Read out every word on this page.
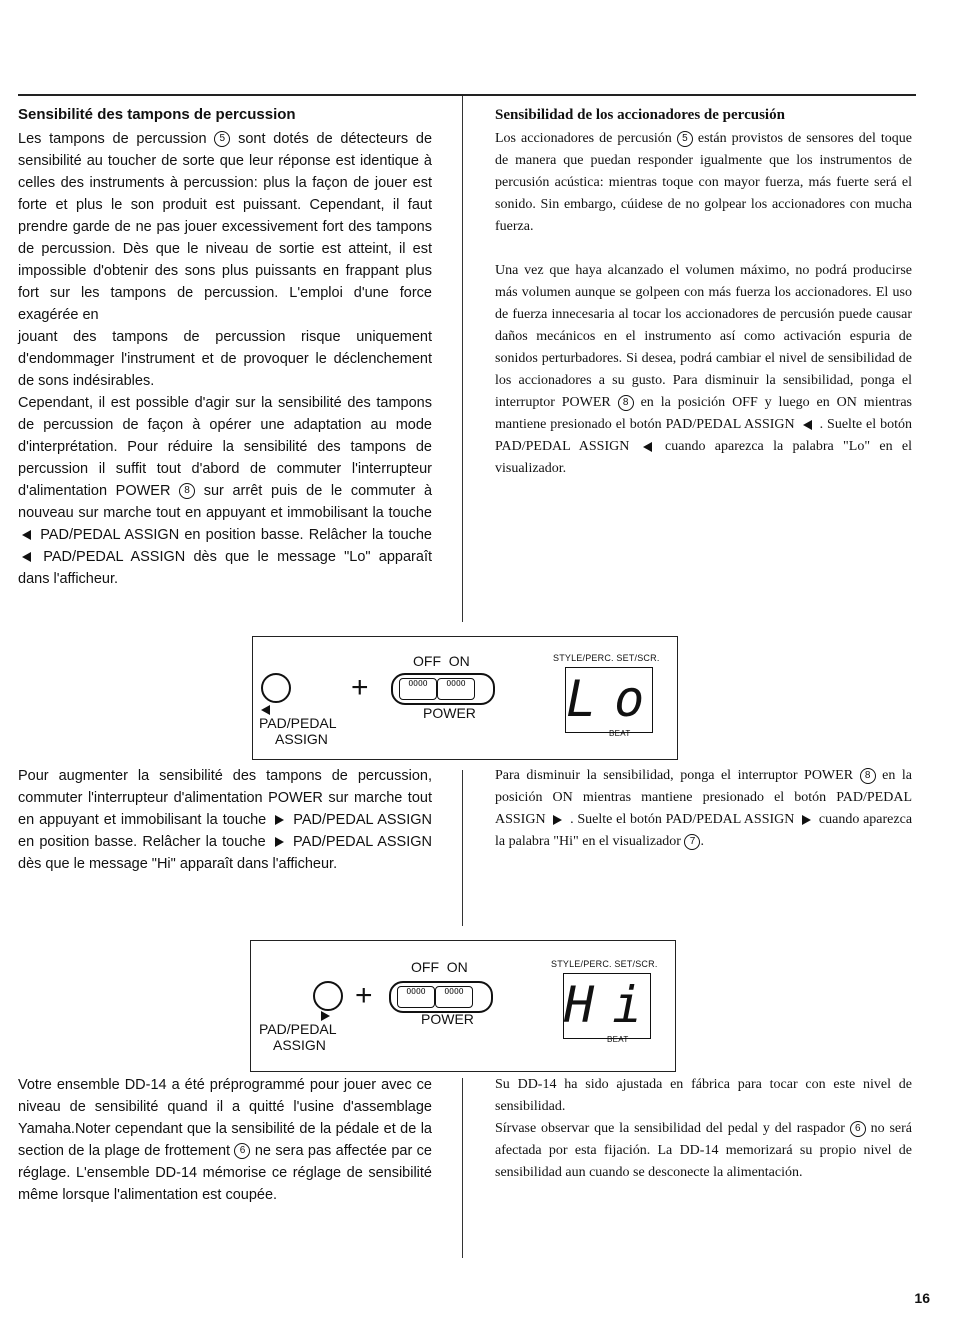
Sensibilité des tampons de percussion

Les tampons de percussion 5 sont dotés de détecteurs de sensibilité au toucher de sorte que leur réponse est identique à celles des instruments à percussion: plus la façon de jouer est forte et plus le son produit est puissant. Cependant, il faut prendre garde de ne pas jouer excessivement fort des tampons de percussion. Dès que le niveau de sortie est atteint, il est impossible d'obtenir des sons plus puissants en frappant plus fort sur les tampons de percussion. L'emploi d'une force exagérée en

jouant des tampons de percussion risque uniquement d'endommager l'instrument et de provoquer le déclenchement de sons indésirables.

Cependant, il est possible d'agir sur la sensibilité des tampons de percussion de façon à opérer une adaptation au mode d'interprétation. Pour réduire la sensibilité des tampons de percussion il suffit tout d'abord de commuter l'interrupteur d'alimentation POWER 8 sur arrêt puis de le commuter à nouveau sur marche tout en appuyant et immobilisant la touche  PAD/PEDAL ASSIGN en position basse. Relâcher la touche  PAD/PEDAL ASSIGN dès que le message "Lo" apparaît dans l'afficheur.

Sensibilidad de los accionadores de percusión

Los accionadores de percusión 5 están provistos de sensores del toque de manera que puedan responder igualmente que los instrumentos de percusión acústica: mientras toque con mayor fuerza, más fuerte será el sonido. Sin embargo, cúidese de no golpear los accionadores con mucha fuerza.

Una vez que haya alcanzado el volumen máximo, no podrá producirse más volumen aunque se golpeen con más fuerza los accionadores. El uso de fuerza innecesaria al tocar los accionadores de percusión puede causar daños mecánicos en el instrumento así como activación espuria de sonidos perturbadores. Si desea, podrá cambiar el nivel de sensibilidad de los accionadores a su gusto. Para disminuir la sensibilidad, ponga el interruptor POWER 8 en la posición OFF y luego en ON mientras mantiene presionado el botón PAD/PEDAL ASSIGN . Suelte el botón PAD/PEDAL ASSIGN	cuando aparezca la palabra "Lo" en el visualizador.

PAD/PEDAL
ASSIGN
+
OFF  ON
OOOO	OOOO
POWER
STYLE/PERC. SET/SCR.
Lo
BEAT

Pour augmenter la sensibilité des tampons de percussion, commuter l'interrupteur d'alimentation POWER sur marche tout en appuyant et immobilisant la touche PAD/PEDAL ASSIGN en position basse. Relâcher la touche PAD/PEDAL ASSIGN dès que le message "Hi" apparaît dans l'afficheur.

Para disminuir la sensibilidad, ponga el interruptor POWER 8 en la posición ON mientras mantiene presionado el botón PAD/PEDAL ASSIGN . Suelte el botón PAD/PEDAL ASSIGN cuando aparezca la palabra "Hi" en el visualizador 7 .

PAD/PEDAL
ASSIGN
+
OFF  ON
OOOO	OOOO
POWER
STYLE/PERC. SET/SCR.
Hi
BEAT

Votre ensemble DD-14 a été préprogrammé pour jouer avec ce niveau de sensibilité quand il a quitté l'usine d'assemblage Yamaha.Noter cependant que la sensibilité de la pédale et de la section de la plage de frottement 6 ne sera pas affectée par ce réglage. L'ensemble DD-14 mémorise ce réglage de sensibilité même lorsque l'alimentation est coupée.

Su DD-14 ha sido ajustada en fábrica para tocar con este nivel de sensibilidad.

Sírvase observar que la sensibilidad del pedal y del raspador 6 no será afectada por esta fijación. La DD-14 memorizará su propio nivel de sensibilidad aun cuando se desconecte la alimentación.

16
